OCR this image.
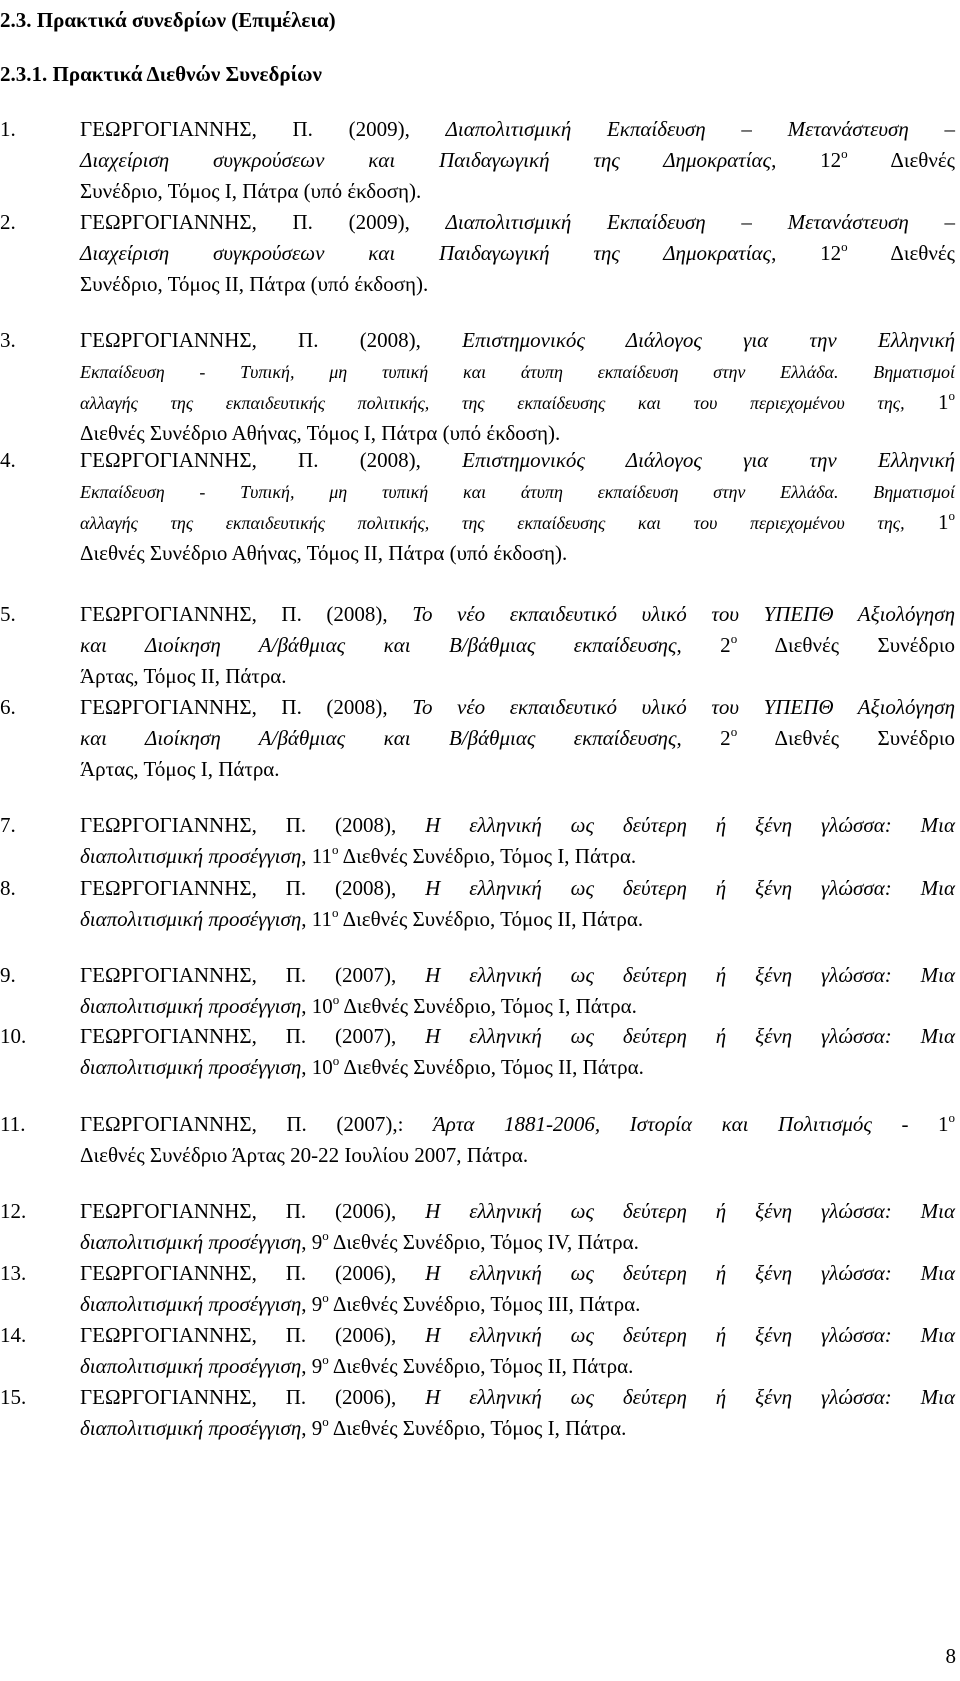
2.3. Πρακτικά συνεδρίων (Επιμέλεια)
2.3.1. Πρακτικά Διεθνών Συνεδρίων
1.	ΓΕΩΡΓΟΓΙΑΝΝΗΣ, Π. (2009), Διαπολιτισμική Εκπαίδευση – Μετανάστευση –
Διαχείριση συγκρούσεων και Παιδαγωγική της Δημοκρατίας, $12^o$ Διεθνές
Συνέδριο, Τόμος Ι, Πάτρα (υπό έκδοση).
2.	ΓΕΩΡΓΟΓΙΑΝΝΗΣ, Π. (2009), Διαπολιτισμική Εκπαίδευση – Μετανάστευση –
Διαχείριση συγκρούσεων και Παιδαγωγική της Δημοκρατίας, $12^o$ Διεθνές
Συνέδριο, Τόμος ΙΙ, Πάτρα (υπό έκδοση).
3.	ΓΕΩΡΓΟΓΙΑΝΝΗΣ, Π. (2008), Επιστημονικός Διάλογος για την Ελληνική
Εκπαίδευση - Τυπική, μη τυπική και άτυπη εκπαίδευση στην Ελλάδα. Βηματισμοί
αλλαγής της εκπαιδευτικής πολιτικής, της εκπαίδευσης και του περιεχομένου της, $1^o$
Διεθνές Συνέδριο Αθήνας, Τόμος Ι, Πάτρα (υπό έκδοση).
4.	ΓΕΩΡΓΟΓΙΑΝΝΗΣ, Π. (2008), Επιστημονικός Διάλογος για την Ελληνική
Εκπαίδευση - Τυπική, μη τυπική και άτυπη εκπαίδευση στην Ελλάδα. Βηματισμοί
αλλαγής της εκπαιδευτικής πολιτικής, της εκπαίδευσης και του περιεχομένου της, $1^o$
Διεθνές Συνέδριο Αθήνας, Τόμος ΙΙ, Πάτρα (υπό έκδοση).
5.	ΓΕΩΡΓΟΓΙΑΝΝΗΣ, Π. (2008), Το νέο εκπαιδευτικό υλικό του ΥΠΕΠΘ Αξιολόγηση
και Διοίκηση Α/βάθμιας και Β/βάθμιας εκπαίδευσης, $2^o$ Διεθνές Συνέδριο
Άρτας, Τόμος ΙΙ, Πάτρα.
6.	ΓΕΩΡΓΟΓΙΑΝΝΗΣ, Π. (2008), Το νέο εκπαιδευτικό υλικό του ΥΠΕΠΘ Αξιολόγηση
και Διοίκηση Α/βάθμιας και Β/βάθμιας εκπαίδευσης, $2^o$ Διεθνές Συνέδριο
Άρτας, Τόμος Ι, Πάτρα.
7.	ΓΕΩΡΓΟΓΙΑΝΝΗΣ, Π. (2008), Η ελληνική ως δεύτερη ή ξένη γλώσσα: Μια
διαπολιτισμική προσέγγιση, $11^o$ Διεθνές Συνέδριο, Τόμος Ι, Πάτρα.
8.	ΓΕΩΡΓΟΓΙΑΝΝΗΣ, Π. (2008), Η ελληνική ως δεύτερη ή ξένη γλώσσα: Μια
διαπολιτισμική προσέγγιση, $11^o$ Διεθνές Συνέδριο, Τόμος ΙΙ, Πάτρα.
9.	ΓΕΩΡΓΟΓΙΑΝΝΗΣ, Π. (2007), Η ελληνική ως δεύτερη ή ξένη γλώσσα: Μια
διαπολιτισμική προσέγγιση, $10^o$ Διεθνές Συνέδριο, Τόμος Ι, Πάτρα.
10.	ΓΕΩΡΓΟΓΙΑΝΝΗΣ, Π. (2007), Η ελληνική ως δεύτερη ή ξένη γλώσσα: Μια
διαπολιτισμική προσέγγιση, $10^o$ Διεθνές Συνέδριο, Τόμος ΙΙ, Πάτρα.
11.	ΓΕΩΡΓΟΓΙΑΝΝΗΣ, Π. (2007),: Άρτα 1881-2006, Ιστορία και Πολιτισμός - $1^o$
Διεθνές Συνέδριο Άρτας 20-22 Ιουλίου 2007, Πάτρα.
12.	ΓΕΩΡΓΟΓΙΑΝΝΗΣ, Π. (2006), Η ελληνική ως δεύτερη ή ξένη γλώσσα: Μια
διαπολιτισμική προσέγγιση, $9^o$ Διεθνές Συνέδριο, Τόμος ΙV, Πάτρα.
13.	ΓΕΩΡΓΟΓΙΑΝΝΗΣ, Π. (2006), Η ελληνική ως δεύτερη ή ξένη γλώσσα: Μια
διαπολιτισμική προσέγγιση, $9^o$ Διεθνές Συνέδριο, Τόμος ΙΙΙ, Πάτρα.
14.	ΓΕΩΡΓΟΓΙΑΝΝΗΣ, Π. (2006), Η ελληνική ως δεύτερη ή ξένη γλώσσα: Μια
διαπολιτισμική προσέγγιση, $9^o$ Διεθνές Συνέδριο, Τόμος ΙΙ, Πάτρα.
15.	ΓΕΩΡΓΟΓΙΑΝΝΗΣ, Π. (2006), Η ελληνική ως δεύτερη ή ξένη γλώσσα: Μια
διαπολιτισμική προσέγγιση, $9^o$ Διεθνές Συνέδριο, Τόμος Ι, Πάτρα.
8
